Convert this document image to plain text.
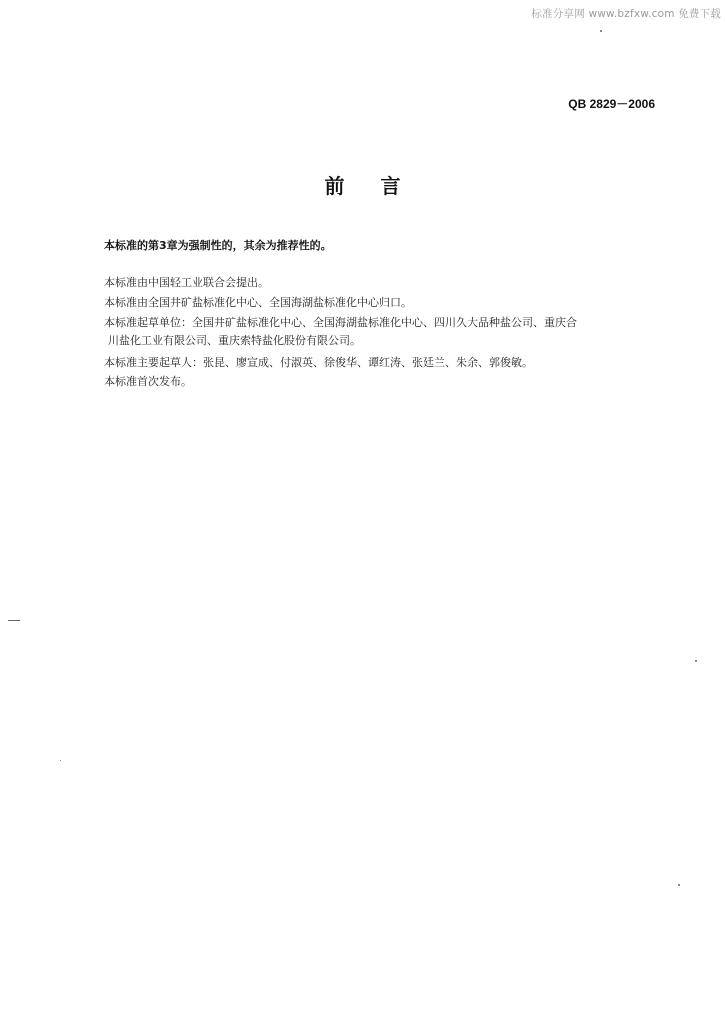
标准分享网 www.bzfxw.com 免费下载
QB 2829－2006
前 言
本标准的第3章为强制性的，其余为推荐性的。
本标准由中国轻工业联合会提出。
本标准由全国井矿盐标准化中心、全国海湖盐标准化中心归口。
本标准起草单位：全国井矿盐标准化中心、全国海湖盐标准化中心、四川久大品种盐公司、重庆合
川盐化工业有限公司、重庆索特盐化股份有限公司。
本标准主要起草人：张昆、廖宣成、付淑英、徐俊华、谭红涛、张廷兰、朱余、郭俊敏。
本标准首次发布。
